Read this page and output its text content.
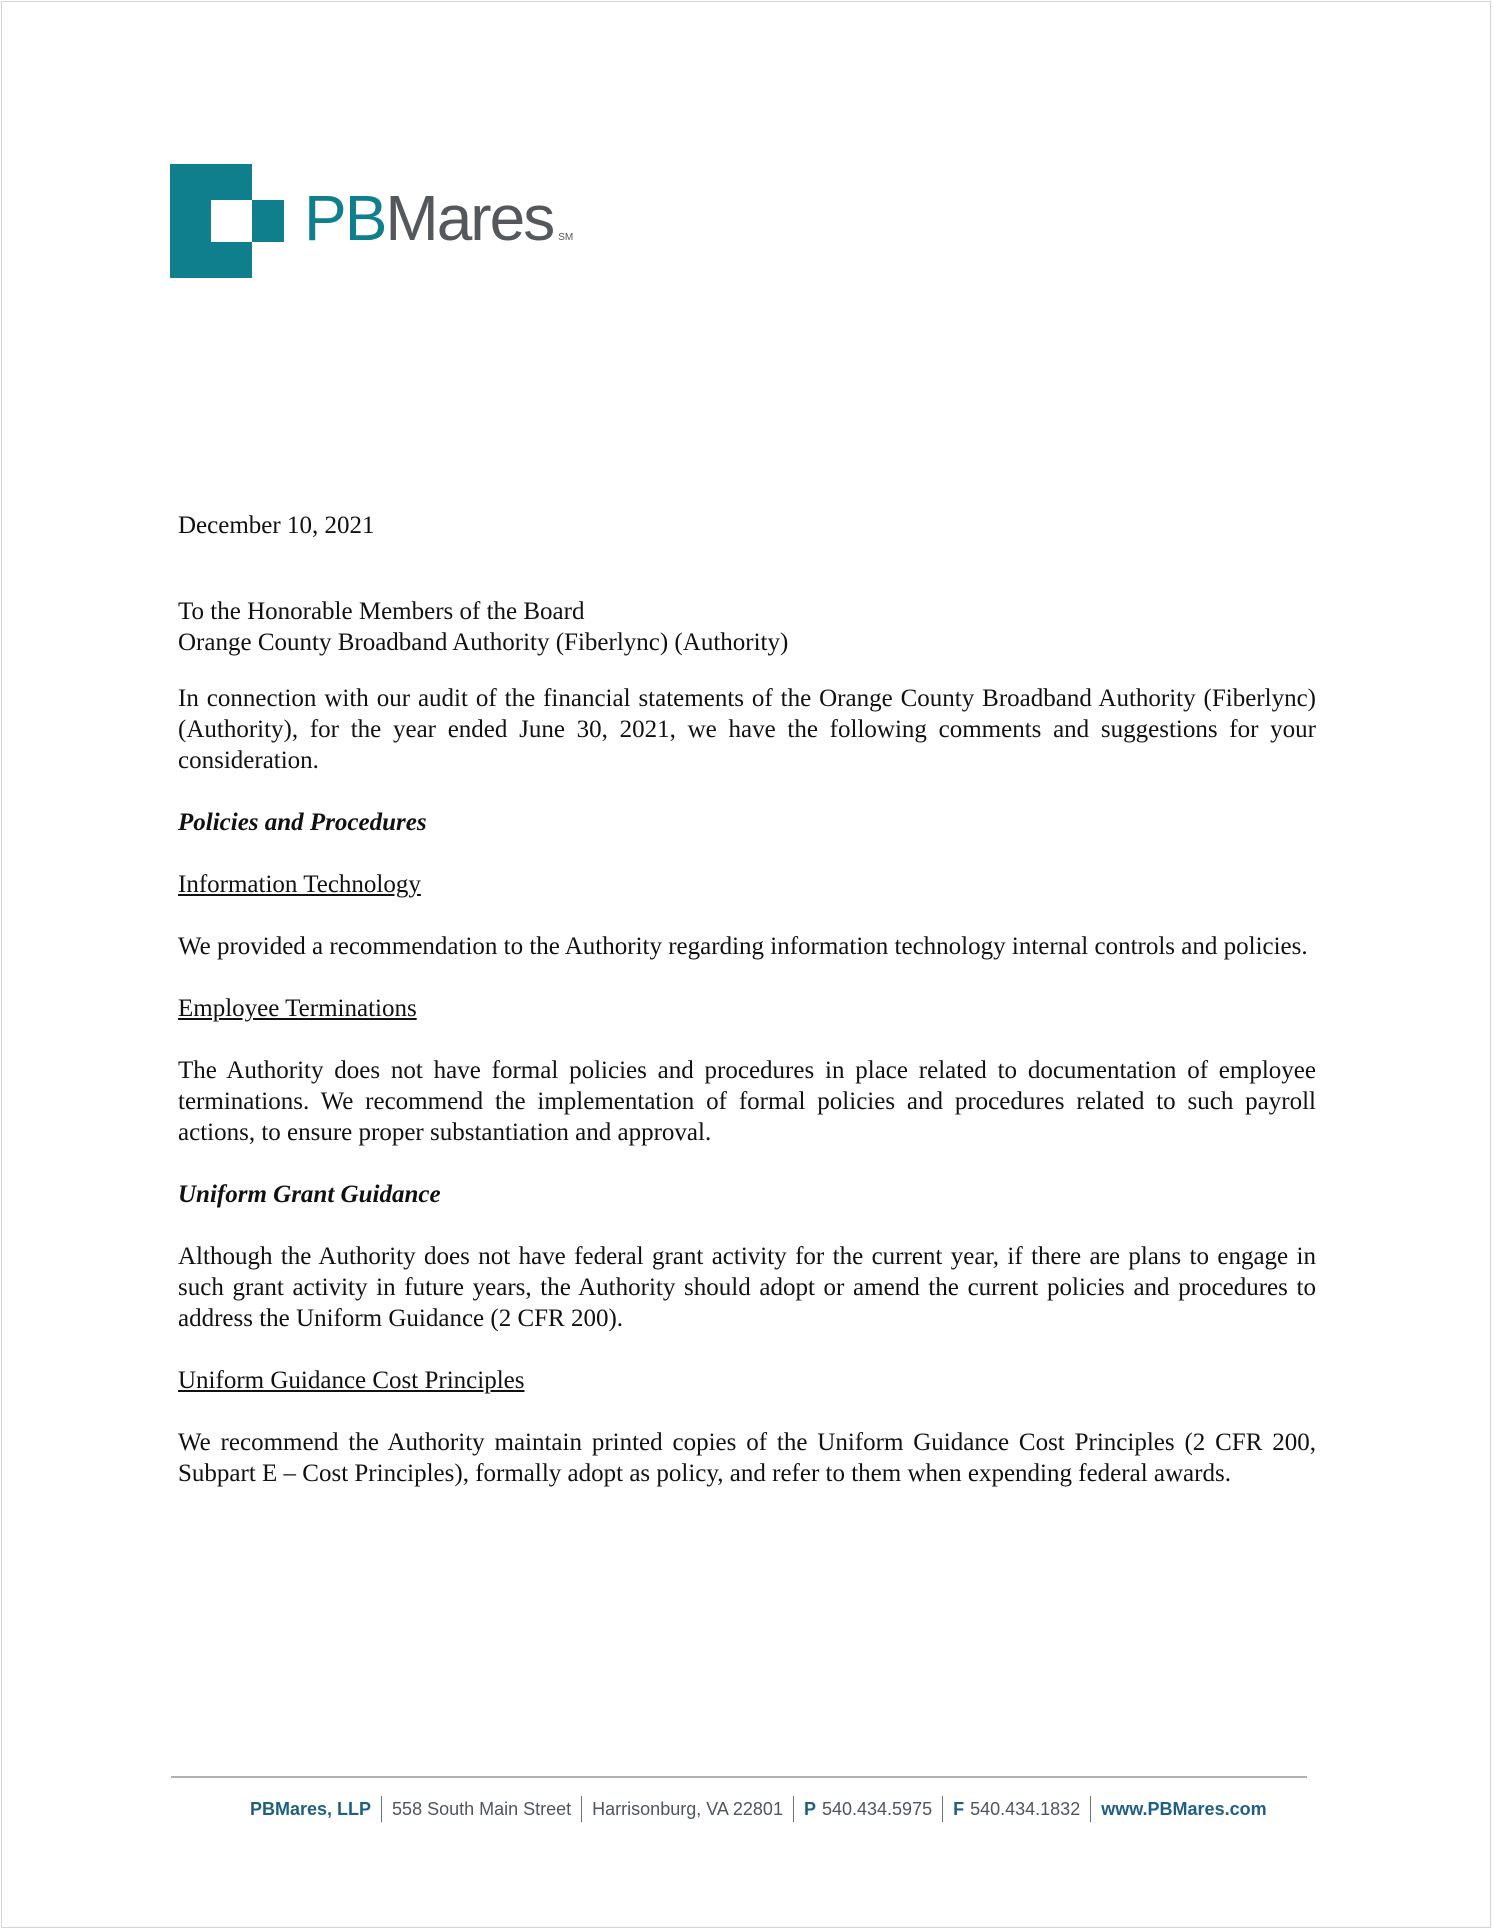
PB Mares SM

December 10, 2021

To the Honorable Members of the Board

Orange County Broadband Authority (Fiberlync) (Authority)

In connection with our audit of the financial statements of the Orange County Broadband Authority (Fiberlync) (Authority), for the year ended June 30, 2021, we have the following comments and suggestions for your consideration.

Policies and Procedures

Information Technology

We provided a recommendation to the Authority regarding information technology internal controls and policies.

Employee Terminations

The Authority does not have formal policies and procedures in place related to documentation of employee terminations. We recommend the implementation of formal policies and procedures related to such payroll actions, to ensure proper substantiation and approval.

Uniform Grant Guidance

Although the Authority does not have federal grant activity for the current year, if there are plans to engage in such grant activity in future years, the Authority should adopt or amend the current policies and procedures to address the Uniform Guidance (2 CFR 200).

Uniform Guidance Cost Principles

We recommend the Authority maintain printed copies of the Uniform Guidance Cost Principles (2 CFR 200, Subpart E – Cost Principles), formally adopt as policy, and refer to them when expending federal awards.

PBMares, LLP 558 South Main Street Harrisonburg, VA 22801 P 540.434.5975 F 540.434.1832 www.PBMares.com
